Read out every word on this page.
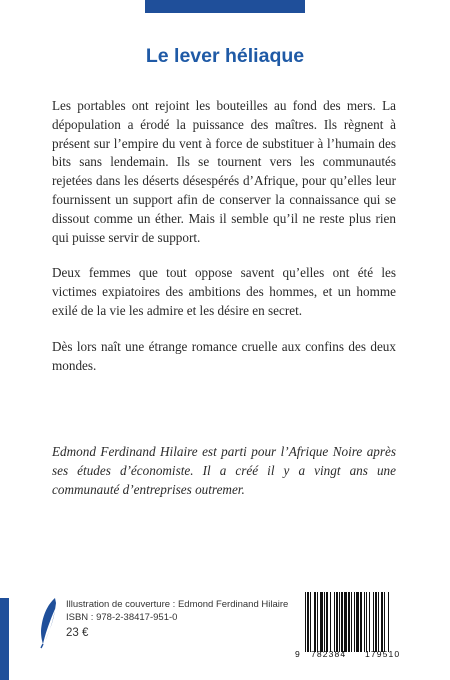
Le lever héliaque

Les portables ont rejoint les bouteilles au fond des mers. La dépopulation a érodé la puissance des maîtres. Ils règnent à présent sur l’empire du vent à force de substituer à l’humain des bits sans lendemain. Ils se tournent vers les communautés rejetées dans les déserts désespérés d’Afrique, pour qu’elles leur fournissent un support afin de conserver la connaissance qui se dissout comme un éther. Mais il semble qu’il ne reste plus rien qui puisse servir de support.

Deux femmes que tout oppose savent qu’elles ont été les victimes expiatoires des ambitions des hommes, et un homme exilé de la vie les admire et les désire en secret.

Dès lors naît une étrange romance cruelle aux confins des deux mondes.

Edmond Ferdinand Hilaire est parti pour l’Afrique Noire après ses études d’économiste. Il a créé il y a vingt ans une communauté d’entreprises outremer.

Illustration de couverture : Edmond Ferdinand Hilaire
ISBN : 978-2-38417-951-0
23 €

9

782384

179510
